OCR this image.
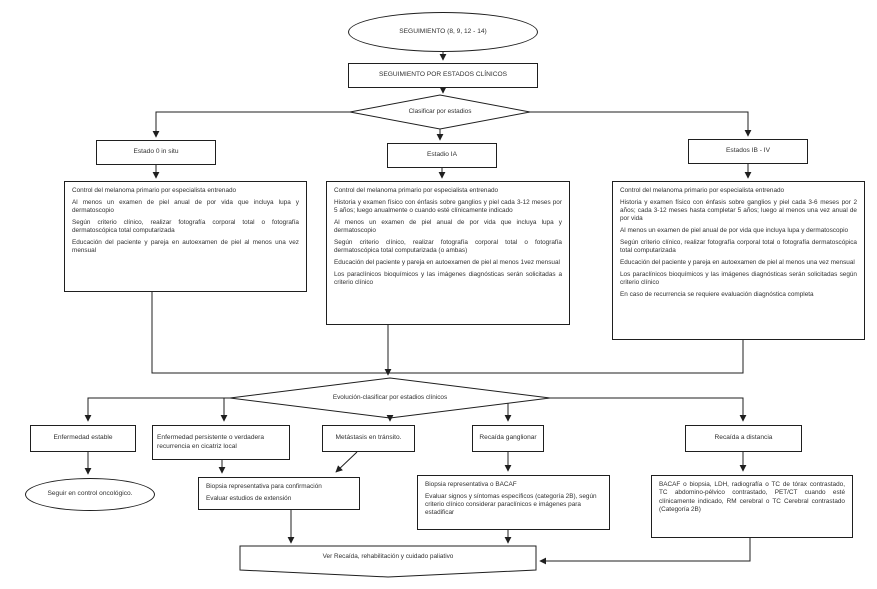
SEGUIMIENTO (8, 9, 12 - 14)
SEGUIMIENTO POR ESTADOS CLÍNICOS
Clasificar por estadios
Estado 0 in situ	Estadio IA
Estados IB - IV

Control del melanoma primario por especialista entrenado

Al menos un examen de piel anual de por vida que incluya lupa y dermatoscopio

Según criterio clínico, realizar fotografía corporal total o fotografía dermatoscópica total computarizada

Educación del paciente y pareja en autoexamen de piel al menos una vez mensual

Control del melanoma primario por especialista entrenado

Historia y examen físico con énfasis sobre ganglios y piel cada 3-12 meses por 5 años; luego anualmente o cuando esté clínicamente indicado

Al menos un examen de piel anual de por vida que incluya lupa y dermatoscopio

Según criterio clínico, realizar fotografía corporal total o fotografía dermatoscópica total computarizada (o ambas)

Educación del paciente y pareja en autoexamen de piel al menos 1vez mensual

Los paraclínicos bioquímicos y las imágenes diagnósticas serán solicitadas a criterio clínico

Control del melanoma primario por especialista entrenado

Historia y examen físico con énfasis sobre ganglios y piel cada 3-6 meses por 2 años; cada 3-12 meses hasta completar 5 años; luego al menos una vez anual de por vida

Al menos un examen de piel anual de por vida que incluya lupa y dermatoscopio

Según criterio clínico, realizar fotografía corporal total o fotografía dermatoscópica total computarizada

Educación del paciente y pareja en autoexamen de piel al menos una vez mensual

Los paraclínicos bioquímicos y las imágenes diagnósticas serán solicitadas según criterio clínico

En caso de recurrencia se requiere evaluación diagnóstica completa

Evolución-clasificar por estadios clínicos
Enfermedad estable	Enfermedad persistente o verdadera recurrencia en cicatriz local
Metástasis en tránsito.	Recaída ganglionar	Recaída a distancia
Seguir en control oncológico.

Biopsia representativa para confirmación

Evaluar estudios de extensión

Biopsia representativa o BACAF

Evaluar signos y síntomas específicos (categoría 2B), según criterio clínico considerar paraclínicos e imágenes para estadificar

BACAF o biopsia, LDH, radiografía o TC de tórax contrastado, TC abdomino-pélvico contrastado, PET/CT cuando esté clínicamente indicado, RM cerebral o TC Cerebral contrastado (Categoría 2B)

Ver Recaída, rehabilitación y cuidado paliativo
